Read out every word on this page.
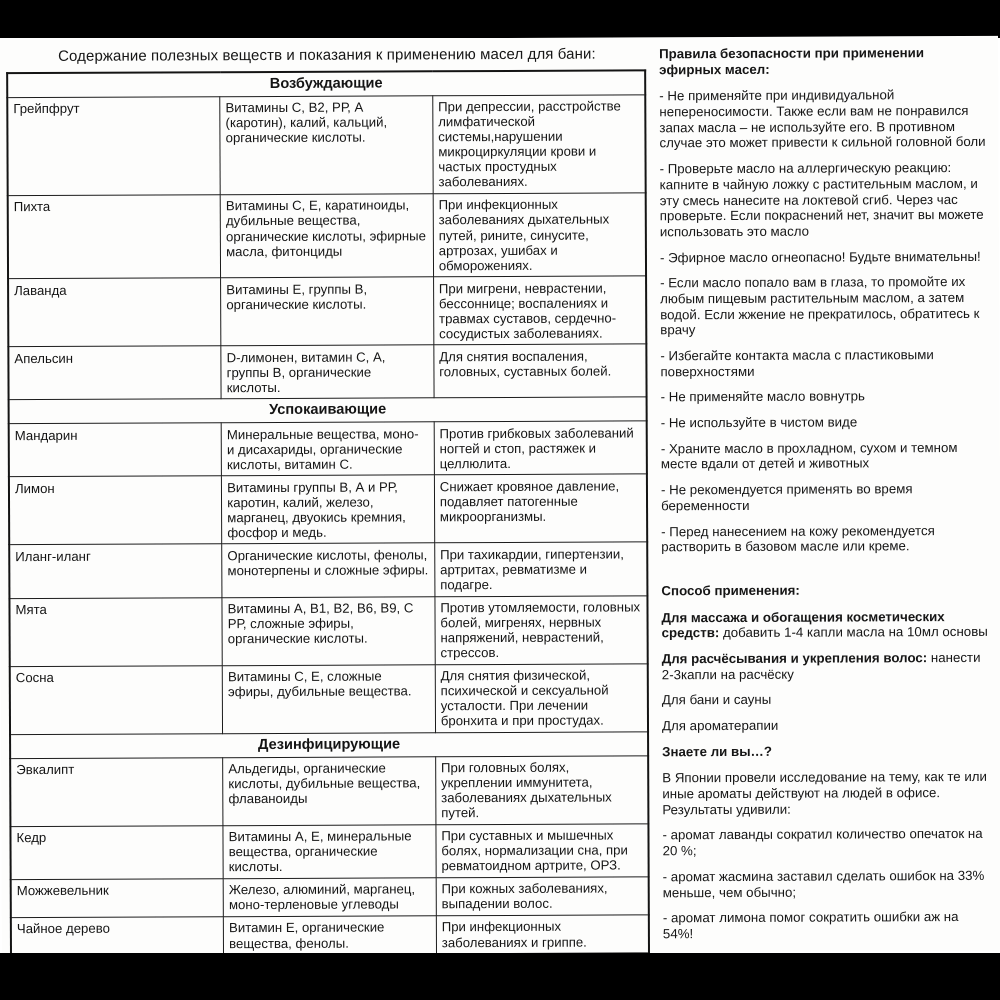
Содержание полезных веществ и показания к применению масел для бани:
Возбуждающие		
Грейпфрут	Витамины С, В2, РР, А (каротин), калий, кальций, органические кислоты.	При депрессии, расстройстве лимфатической системы,нарушении микроциркуляции крови и частых простудных заболеваниях.
Пихта	Витамины С, Е, каратиноиды, дубильные вещества, органические кислоты, эфирные масла, фитонциды	При инфекционных заболеваниях дыхательных путей, рините, синусите, артрозах, ушибах и обморожениях.
Лаванда	Витамины Е, группы В, органические кислоты.	При мигрени, неврастении, бессоннице; воспалениях и травмах суставов, сердечно-сосудистых заболеваниях.
Апельсин	D-лимонен, витамин С, А, группы В, органические кислоты.	Для снятия воспаления, головных, суставных болей.
Успокаивающие		
Мандарин	Минеральные вещества, моно- и дисахариды, органические кислоты, витамин С.	Против грибковых заболеваний ногтей и стоп, растяжек и целлюлита.
Лимон	Витамины группы В, А и РР, каротин, калий, железо, марганец, двуокись кремния, фосфор и медь.	Снижает кровяное давление, подавляет патогенные микроорганизмы.
Иланг-иланг	Органические кислоты, фенолы, монотерпены и сложные эфиры.	При тахикардии, гипертензии, артритах, ревматизме и подагре.
Мята	Витамины А, В1, В2, В6, В9, С РР, сложные эфиры, органические кислоты.	Против утомляемости, головных болей, мигренях, нервных напряжений, неврастений, стрессов.
Сосна	Витамины С, Е, сложные эфиры, дубильные вещества.	Для снятия физической, психической и сексуальной усталости. При лечении бронхита и при простудах.
Дезинфицирующие		
Эвкалипт	Альдегиды, органические кислоты, дубильные вещества, флаваноиды	При головных болях, укреплении иммунитета, заболеваниях дыхательных путей.
Кедр	Витамины А, Е, минеральные вещества, органические кислоты.	При суставных и мышечных болях, нормализации сна, при ревматоидном артрите, ОРЗ.
Можжевельник	Железо, алюминий, марганец, моно-терленовые углеводы	При кожных заболеваниях, выпадении волос.
Чайное дерево	Витамин Е, органические вещества, фенолы.	При инфекционных заболеваниях и гриппе.

Правила безопасности при применении эфирных масел:

- Не применяйте при индивидуальной непереносимости. Также если вам не понравился запах масла – не используйте его. В противном случае это может привести к сильной головной боли

- Проверьте масло на аллергическую реакцию: капните в чайную ложку с растительным маслом, и эту смесь нанесите на локтевой сгиб. Через час проверьте. Если покраснений нет, значит вы можете использовать это масло

- Эфирное масло огнеопасно! Будьте внимательны!

- Если масло попало вам в глаза, то промойте их любым пищевым растительным маслом, а затем водой. Если жжение не прекратилось, обратитесь к врачу

- Избегайте контакта масла с пластиковыми поверхностями

- Не применяйте масло вовнутрь

- Не используйте в чистом виде

- Храните масло в прохладном, сухом и темном месте вдали от детей и животных

- Не рекомендуется применять во время беременности

- Перед нанесением на кожу рекомендуется растворить в базовом масле или креме.

Способ применения:

Для массажа и обогащения косметических средств: добавить 1-4 капли масла на 10мл основы

Для расчёсывания и укрепления волос: нанести 2-3капли на расчёску

Для бани и сауны

Для ароматерапии

Знаете ли вы…?

В Японии провели исследование на тему, как те или иные ароматы действуют на людей в офисе. Результаты удивили:

- аромат лаванды сократил количество опечаток на 20 %;

- аромат жасмина заставил сделать ошибок на 33% меньше, чем обычно;

- аромат лимона помог сократить ошибки аж на 54%!
